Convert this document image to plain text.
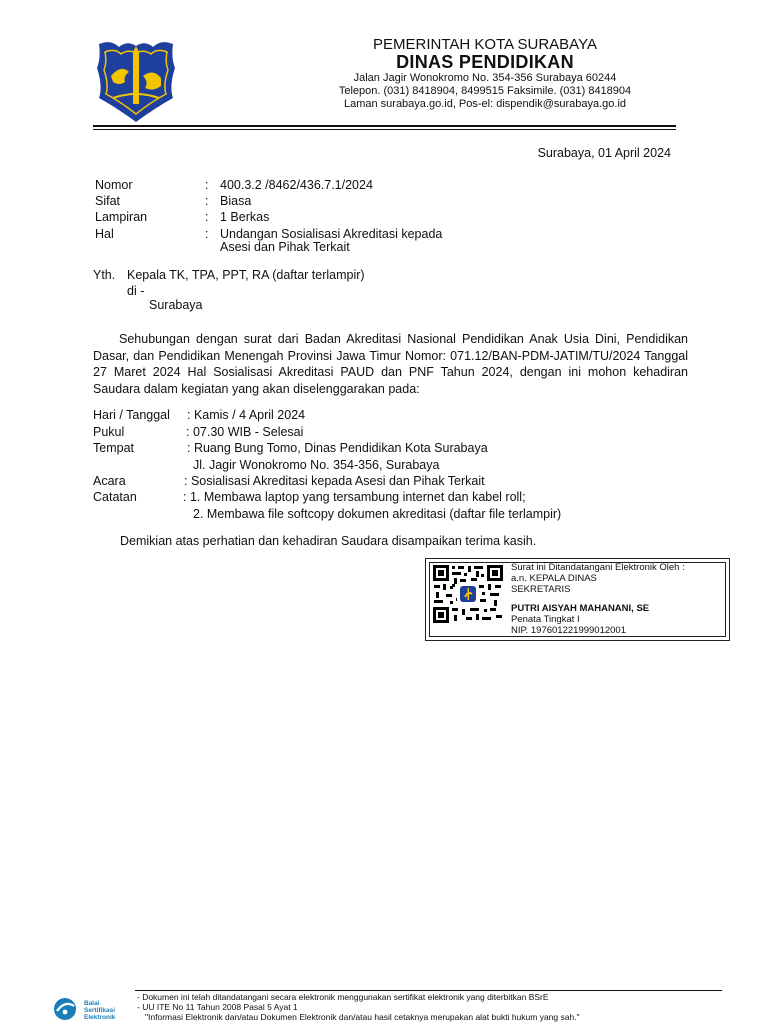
PEMERINTAH KOTA SURABAYA
DINAS PENDIDIKAN
Jalan Jagir Wonokromo No. 354-356 Surabaya 60244
Telepon. (031) 8418904, 8499515 Faksimile. (031) 8418904
Laman surabaya.go.id, Pos-el: dispendik@surabaya.go.id
Surabaya, 01 April 2024
Nomor	: 400.3.2 /8462/436.7.1/2024
Sifat	: Biasa
Lampiran	: 1 Berkas
Hal	: Undangan Sosialisasi Akreditasi kepada
Asesi dan Pihak Terkait
Yth. Kepala TK, TPA, PPT, RA (daftar terlampir)
di -
Surabaya
Sehubungan dengan surat dari Badan Akreditasi Nasional Pendidikan Anak Usia Dini, Pendidikan Dasar, dan Pendidikan Menengah Provinsi Jawa Timur Nomor: 071.12/BAN-PDM-JATIM/TU/2024 Tanggal 27 Maret 2024 Hal Sosialisasi Akreditasi PAUD dan PNF Tahun 2024, dengan ini mohon kehadiran Saudara dalam kegiatan yang akan diselenggarakan pada:
Hari / Tanggal : Kamis / 4 April 2024
Pukul	: 07.30 WIB - Selesai
Tempat	: Ruang Bung Tomo, Dinas Pendidikan Kota Surabaya
Jl. Jagir Wonokromo No. 354-356, Surabaya
Acara	: Sosialisasi Akreditasi kepada Asesi dan Pihak Terkait
Catatan	: 1. Membawa laptop yang tersambung internet dan kabel roll;
2. Membawa file softcopy dokumen akreditasi (daftar file terlampir)
Demikian atas perhatian dan kehadiran Saudara disampaikan terima kasih.
Surat ini Ditandatangani Elektronik Oleh :
a.n. KEPALA DINAS
SEKRETARIS
PUTRI AISYAH MAHANANI, SE
Penata Tingkat I
NIP. 197601221999012001
Balai
Sertifikasi
Elektronik
- Dokumen ini telah ditandatangani secara elektronik menggunakan sertifikat elektronik yang diterbitkan BSrE
- UU ITE No 11 Tahun 2008 Pasal 5 Ayat 1
"Informasi Elektronik dan/atau Dokumen Elektronik dan/atau hasil cetaknya merupakan alat bukti hukum yang sah."
